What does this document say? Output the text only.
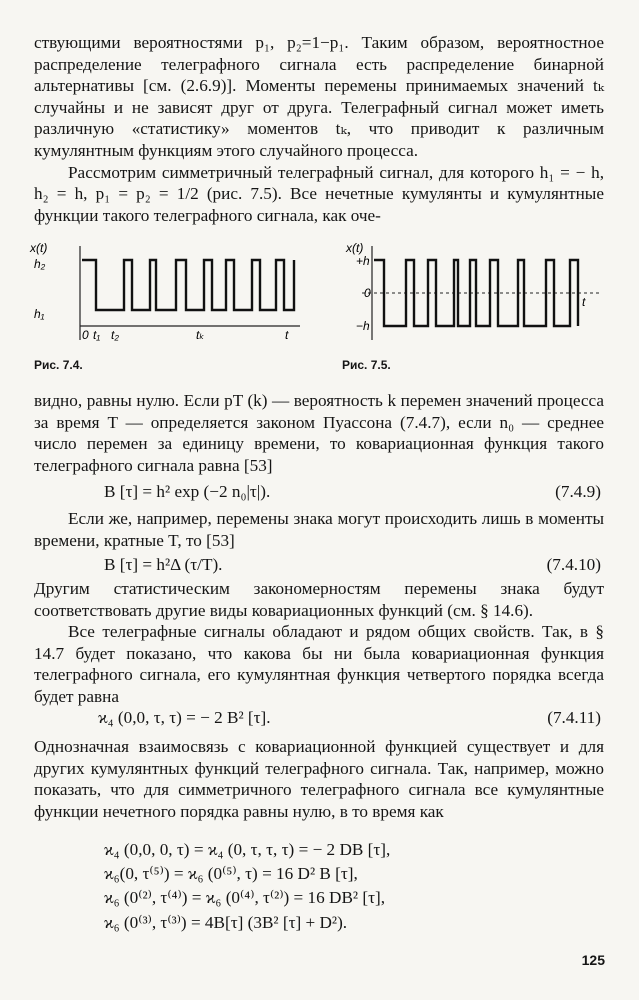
ствующими вероятностями p₁, p₂=1−p₁. Таким образом, вероятностное распределение телеграфного сигнала есть распределение бинарной альтернативы [см. (2.6.9)]. Моменты перемены принимаемых значений tₖ случайны и не зависят друг от друга. Телеграфный сигнал может иметь различную «статистику» моментов tₖ, что приводит к различным кумулянтным функциям этого случайного процесса.

Рассмотрим симметричный телеграфный сигнал, для которого h₁ = − h, h₂ = h, p₁ = p₂ = 1/2 (рис. 7.5). Все нечетные кумулянты и кумулянтные функции такого телеграфного сигнала, как оче-

x(t)
h₂
h₁
0 t₁ t₂	tₖ	t
Рис. 7.4.
x(t)
+h
0
−h
t
Рис. 7.5.

видно, равны нулю. Если pT (k) — вероятность k перемен значений процесса за время T — определяется законом Пуассона (7.4.7), если n₀ — среднее число перемен за единицу времени, то ковариационная функция такого телеграфного сигнала равна [53]

B [τ] = h² exp (−2 n₀|τ|).	(7.4.9)

Если же, например, перемены знака могут происходить лишь в моменты времени, кратные T, то [53]

B [τ] = h²Δ (τ/T).	(7.4.10)

Другим статистическим закономерностям перемены знака будут соответствовать другие виды ковариационных функций (см. § 14.6).

Все телеграфные сигналы обладают и рядом общих свойств. Так, в § 14.7 будет показано, что какова бы ни была ковариационная функция телеграфного сигнала, его кумулянтная функция четвертого порядка всегда будет равна

ϰ₄ (0,0, τ, τ) = − 2 B² [τ].	(7.4.11)

Однозначная взаимосвязь с ковариационной функцией существует и для других кумулянтных функций телеграфного сигнала. Так, например, можно показать, что для симметричного телеграфного сигнала все кумулянтные функции нечетного порядка равны нулю, в то время как

ϰ₄ (0,0, 0, τ) = ϰ₄ (0, τ, τ, τ) = − 2 DB [τ],
ϰ₆(0, τ⁽⁵⁾) = ϰ₆ (0⁽⁵⁾, τ) = 16 D² B [τ],
ϰ₆ (0⁽²⁾, τ⁽⁴⁾) = ϰ₆ (0⁽⁴⁾, τ⁽²⁾) = 16 DB² [τ],
ϰ₆ (0⁽³⁾, τ⁽³⁾) = 4B[τ] (3B² [τ] + D²).
125
